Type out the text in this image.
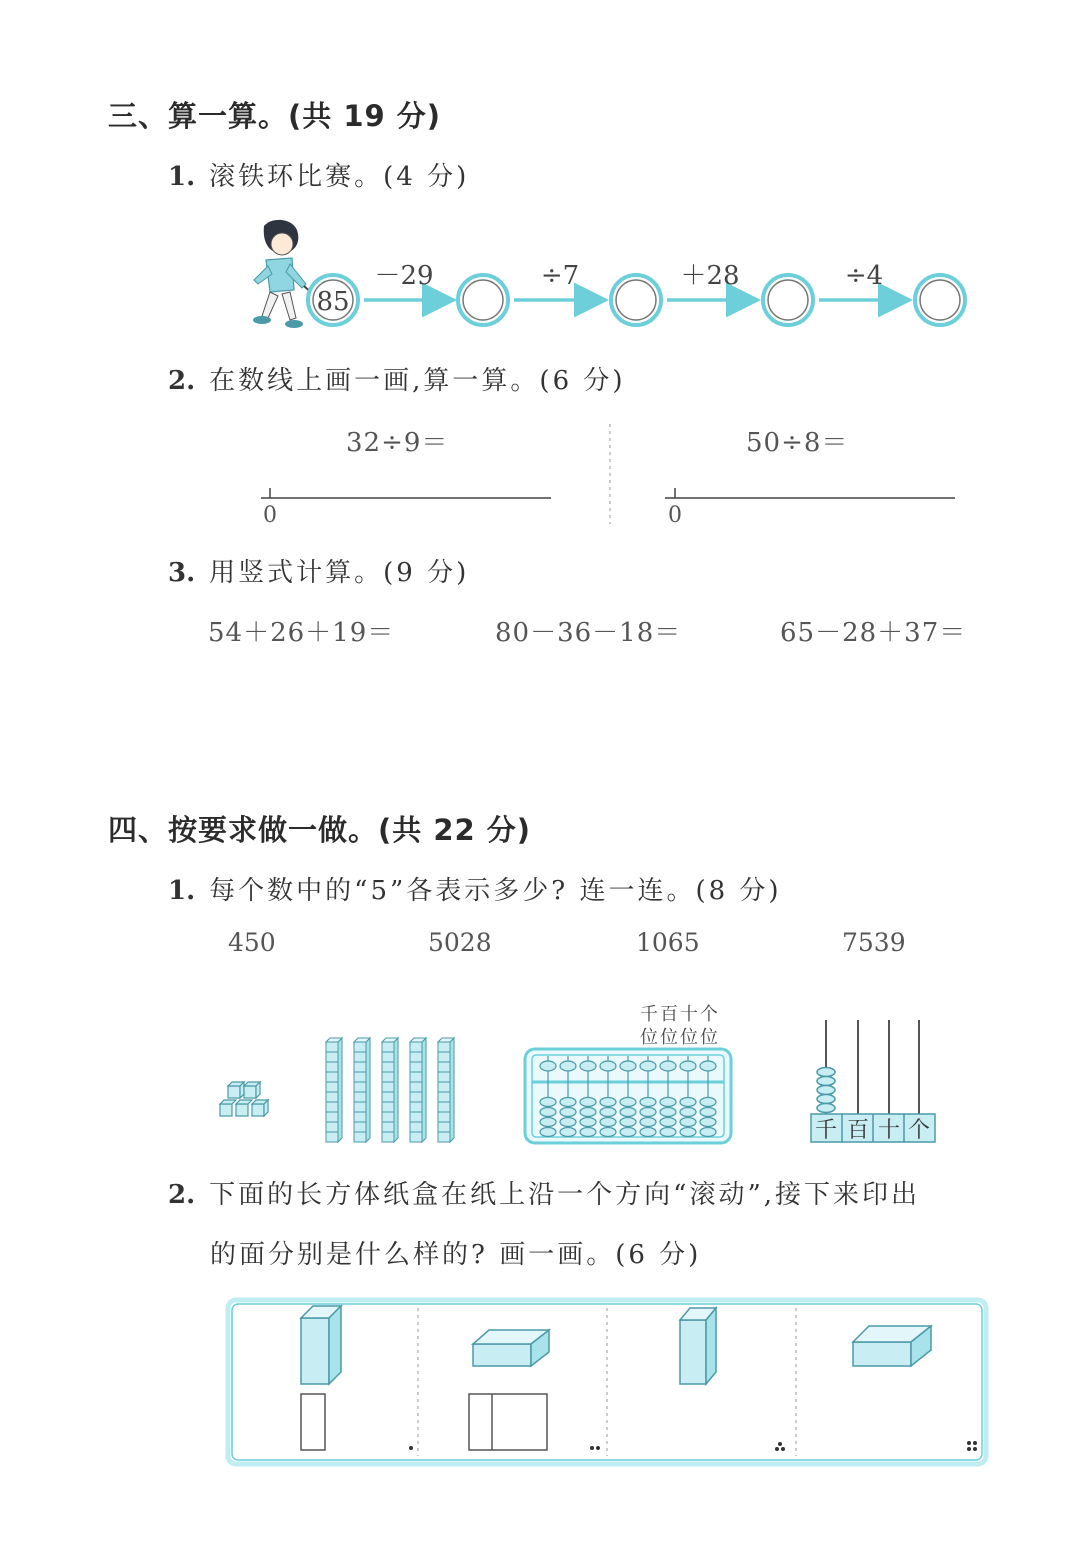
三、算一算。(共 19 分)
1. 滚铁环比赛。(4 分)
85
－29	÷7	＋28	÷4
2. 在数线上画一画,算一算。(6 分)
32÷9＝	50÷8＝
0	0
3. 用竖式计算。(9 分)
54＋26＋19＝	80－36－18＝	65－28＋37＝
四、按要求做一做。(共 22 分)
1. 每个数中的“5”各表示多少? 连一连。(8 分)
450	5028	1065	7539
千百十个
位位位位
千 百 十 个
2. 下面的长方体纸盒在纸上沿一个方向“滚动”,接下来印出
的面分别是什么样的? 画一画。(6 分)
